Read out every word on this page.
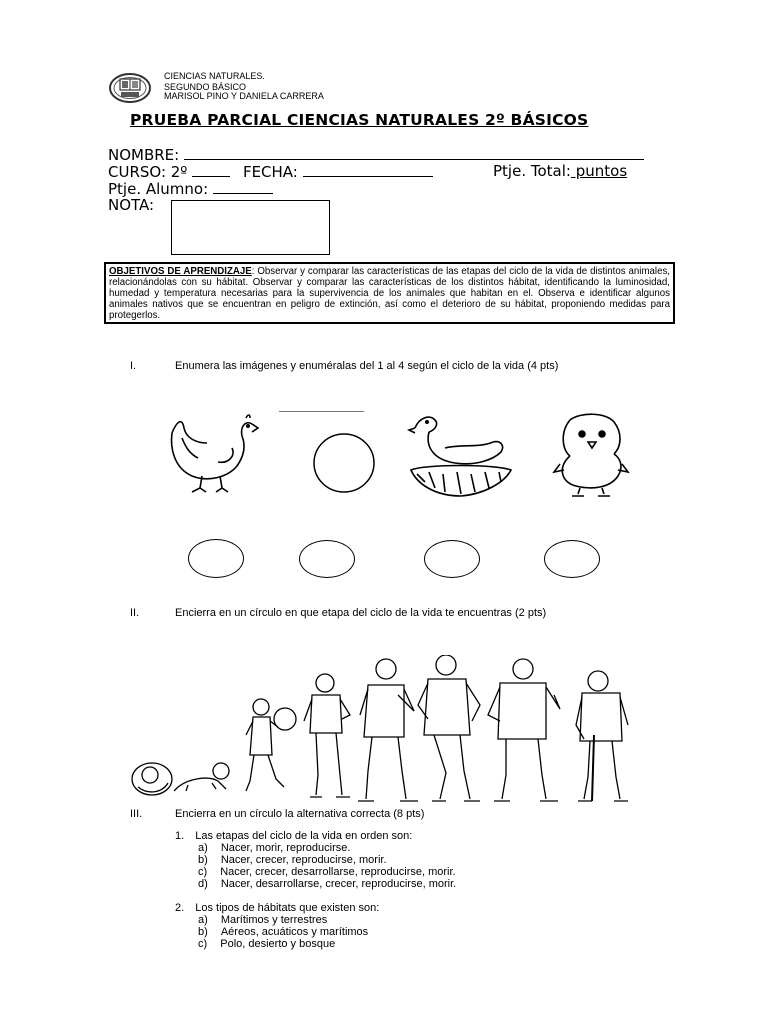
CIENCIAS NATURALES.
SEGUNDO BÁSICO
MARISOL PINO Y DANIELA CARRERA
PRUEBA PARCIAL CIENCIAS NATURALES 2º BÁSICOS
NOMBRE:
CURSO: 2º	FECHA:	Ptje. Total: puntos
Ptje. Alumno:
NOTA:
OBJETIVOS DE APRENDIZAJE: Observar y comparar las características de las etapas del ciclo de la vida de distintos animales, relacionándolas con su hábitat. Observar y comparar las características de los distintos hábitat, identificando la luminosidad, humedad y temperatura necesarias para la supervivencia de los animales que habitan en el. Observa e identificar algunos animales nativos que se encuentran en peligro de extinción, así como el deterioro de su hábitat, proponiendo medidas para protegerlos.
I.	Enumera las imágenes y enuméralas del 1 al 4 según el ciclo de la vida (4 pts)
II.	Encierra en un círculo en que etapa del ciclo de la vida te encuentras (2 pts)
III.	Encierra en un círculo la alternativa correcta (8 pts)
1. Las etapas del ciclo de la vida en orden son:
a) Nacer, morir, reproducirse.
b) Nacer, crecer, reproducirse, morir.
c) Nacer, crecer, desarrollarse, reproducirse, morir.
d) Nacer, desarrollarse, crecer, reproducirse, morir.
2. Los tipos de hábitats que existen son:
a) Marítimos y terrestres
b) Aéreos, acuáticos y marítimos
c) Polo, desierto y bosque
